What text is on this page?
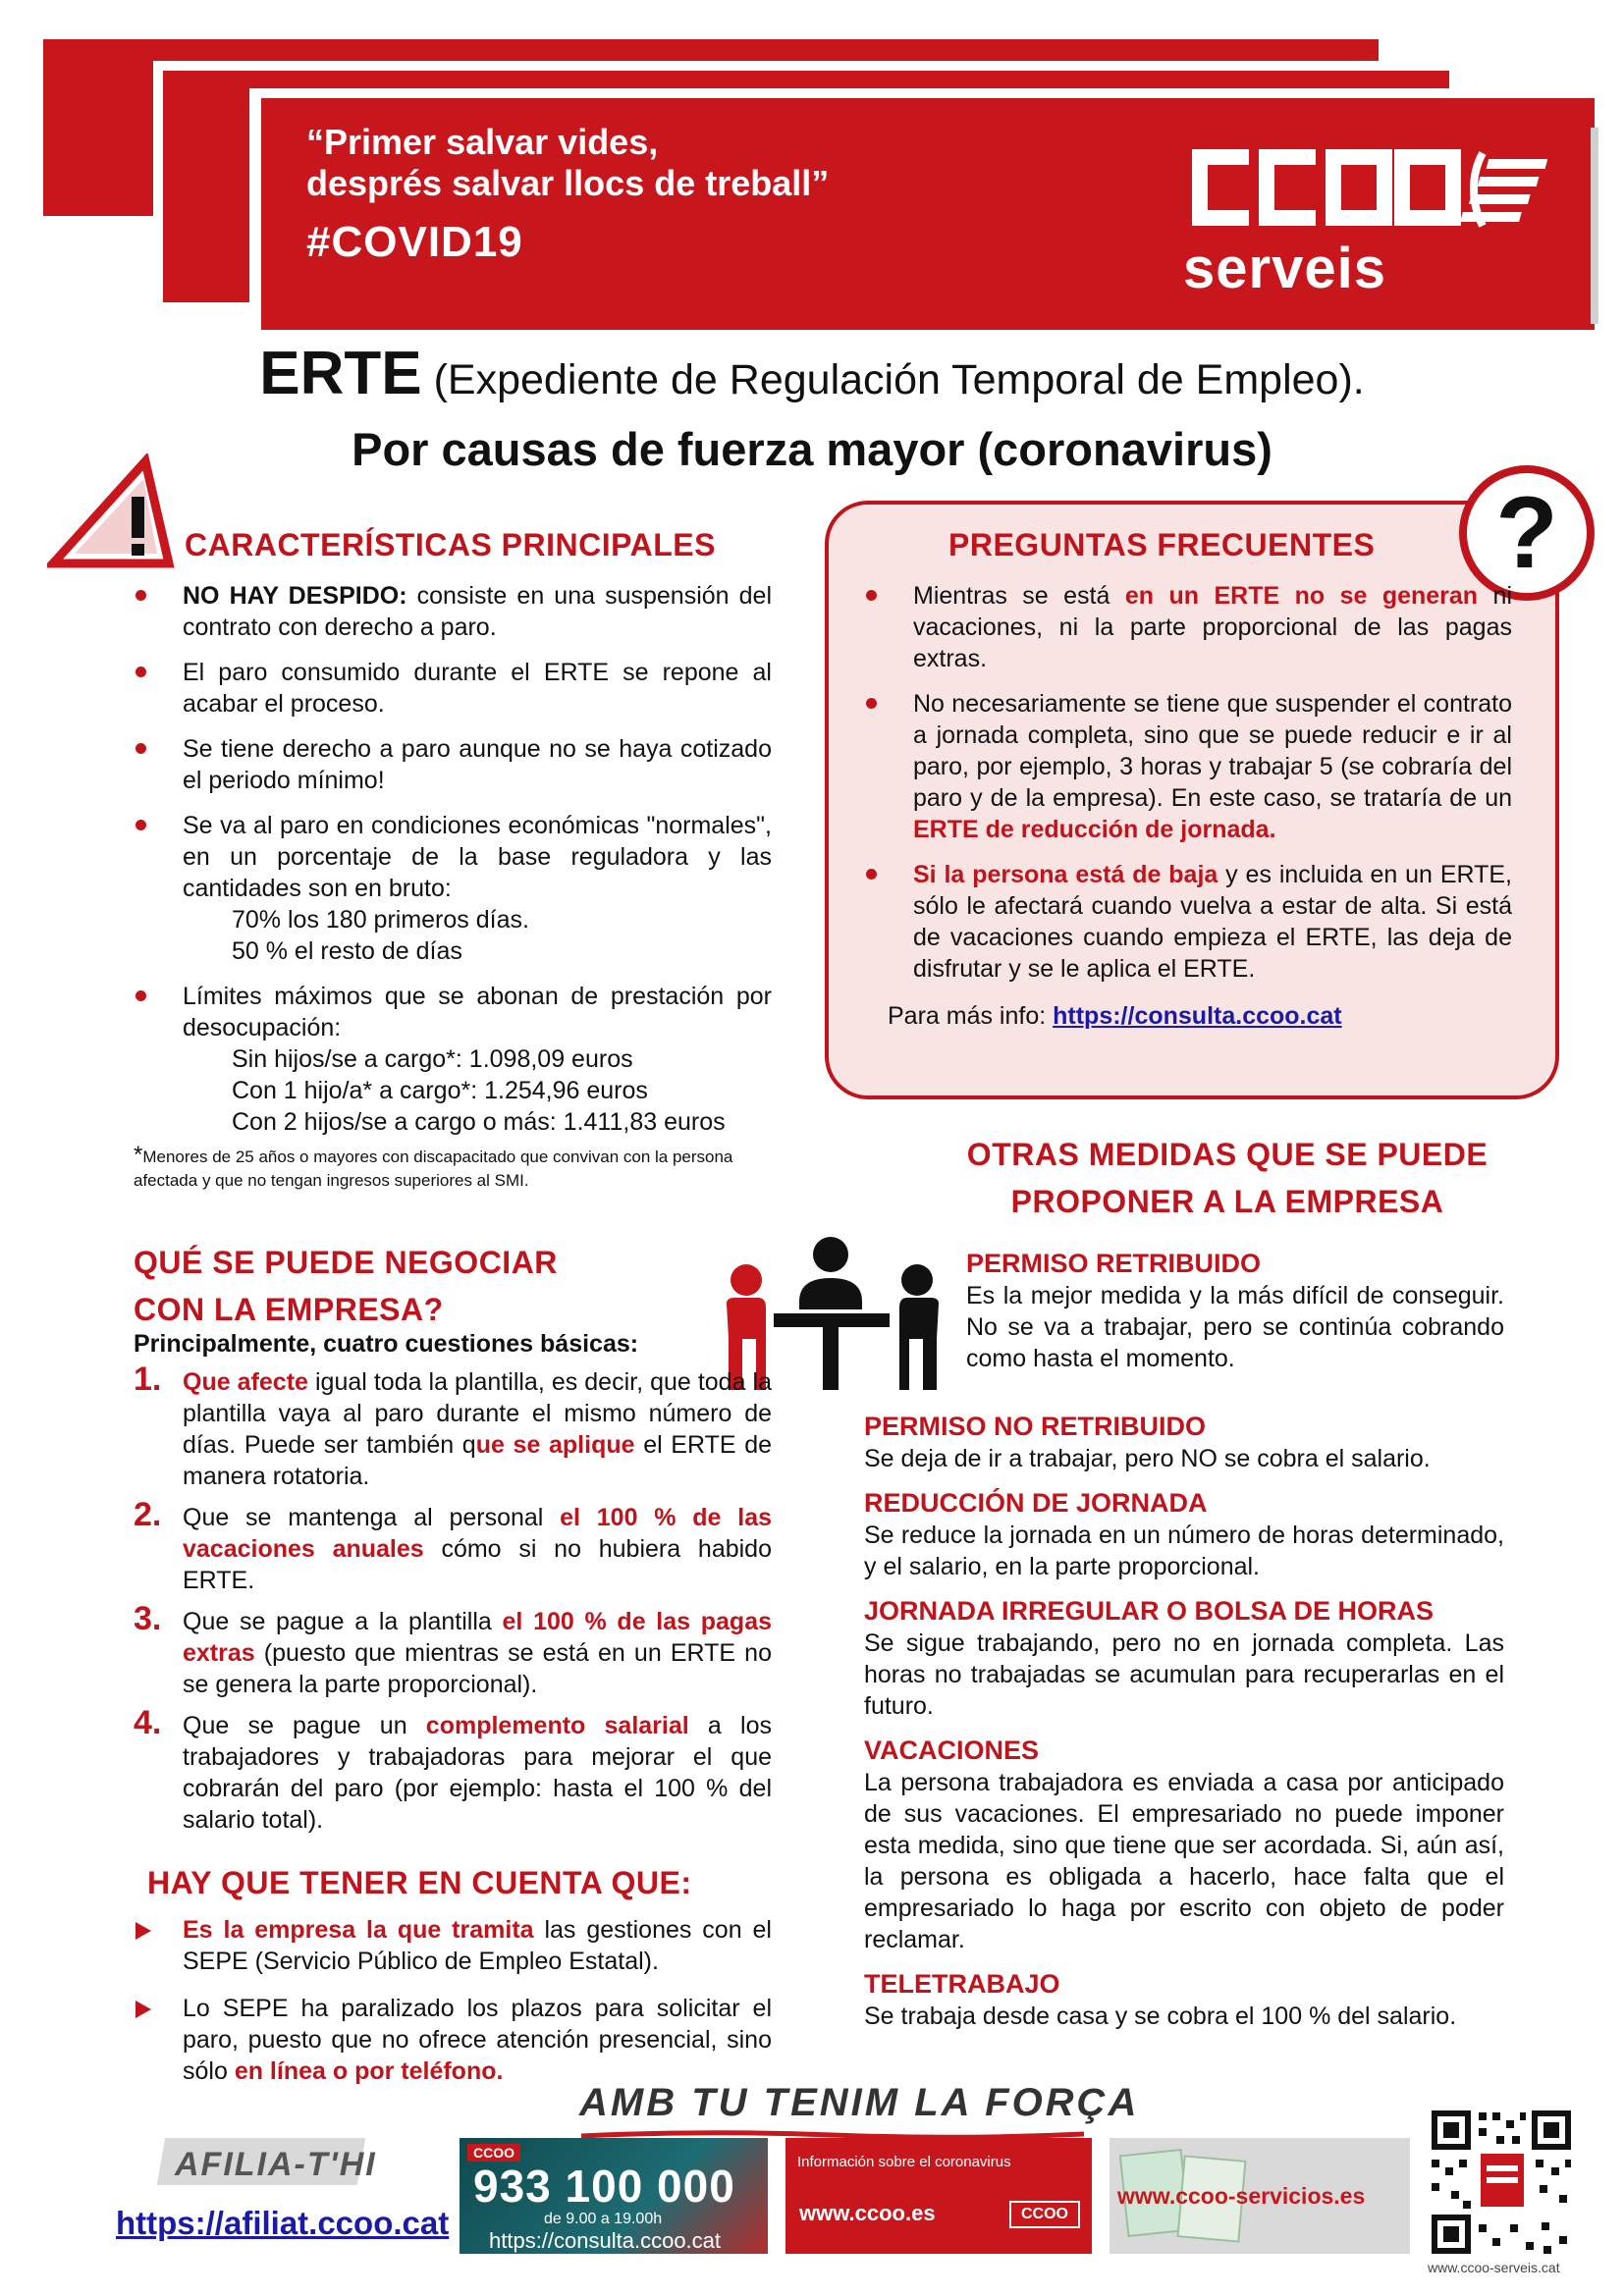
“Primer salvar vides,
després salvar llocs de treball”
#COVID19	serveis
ERTE (Expediente de Regulación Temporal de Empleo).
Por causas de fuerza mayor (coronavirus)
CARACTERÍSTICAS PRINCIPALES
NO HAY DESPIDO: consiste en una suspensión del contrato con derecho a paro.
El paro consumido durante el ERTE se repone al acabar el proceso.
Se tiene derecho a paro aunque no se haya cotizado el periodo mínimo!
Se va al paro en condiciones económicas "normales", en un porcentaje de la base reguladora y las cantidades son en bruto:
70% los 180 primeros días.
50 % el resto de días
Límites máximos que se abonan de prestación por desocupación:
Sin hijos/se a cargo*: 1.098,09 euros
Con 1 hijo/a* a cargo*: 1.254,96 euros
Con 2 hijos/se a cargo o más: 1.411,83 euros
*Menores de 25 años o mayores con discapacitado que convivan con la persona afectada y que no tengan ingresos superiores al SMI.
?
PREGUNTAS FRECUENTES
Mientras se está en un ERTE no se generan ni vacaciones, ni la parte proporcional de las pagas extras.
No necesariamente se tiene que suspender el contrato a jornada completa, sino que se puede reducir e ir al paro, por ejemplo, 3 horas y trabajar 5 (se cobraría del paro y de la empresa). En este caso, se trataría de un ERTE de reducción de jornada.
Si la persona está de baja y es incluida en un ERTE, sólo le afectará cuando vuelva a estar de alta. Si está de vacaciones cuando empieza el ERTE, las deja de disfrutar y se le aplica el ERTE.
Para más info: https://consulta.ccoo.cat
OTRAS MEDIDAS QUE SE PUEDE
PROPONER A LA EMPRESA
QUÉ SE PUEDE NEGOCIAR
CON LA EMPRESA?
Principalmente, cuatro cuestiones básicas:
1. Que afecte igual toda la plantilla, es decir, que toda la plantilla vaya al paro durante el mismo número de días. Puede ser también que se aplique el ERTE de manera rotatoria.
2. Que se mantenga al personal el 100 % de las vacaciones anuales cómo si no hubiera habido ERTE.
3. Que se pague a la plantilla el 100 % de las pagas extras (puesto que mientras se está en un ERTE no se genera la parte proporcional).
4. Que se pague un complemento salarial a los trabajadores y trabajadoras para mejorar el que cobrarán del paro (por ejemplo: hasta el 100 % del salario total).
HAY QUE TENER EN CUENTA QUE:
Es la empresa la que tramita las gestiones con el SEPE (Servicio Público de Empleo Estatal).
Lo SEPE ha paralizado los plazos para solicitar el paro, puesto que no ofrece atención presencial, sino sólo en línea o por teléfono.
PERMISO RETRIBUIDO
Es la mejor medida y la más difícil de conseguir. No se va a trabajar, pero se continúa cobrando como hasta el momento.
PERMISO NO RETRIBUIDO
Se deja de ir a trabajar, pero NO se cobra el salario.
REDUCCIÓN DE JORNADA
Se reduce la jornada en un número de horas determinado, y el salario, en la parte proporcional.
JORNADA IRREGULAR O BOLSA DE HORAS
Se sigue trabajando, pero no en jornada completa. Las horas no trabajadas se acumulan para recuperarlas en el futuro.
VACACIONES
La persona trabajadora es enviada a casa por anticipado de sus vacaciones. El empresariado no puede imponer esta medida, sino que tiene que ser acordada. Si, aún así, la persona es obligada a hacerlo, hace falta que el empresariado lo haga por escrito con objeto de poder reclamar.
TELETRABAJO
Se trabaja desde casa y se cobra el 100 % del salario.
AMB TU TENIM LA FORÇA
AFILIA-T'HI
https://afiliat.ccoo.cat
CCOO
933 100 000
de 9.00 a 19.00h
https://consulta.ccoo.cat
Información sobre el coronavirus
www.ccoo.es	CCOO
www.ccoo-servicios.es
www.ccoo-serveis.cat
